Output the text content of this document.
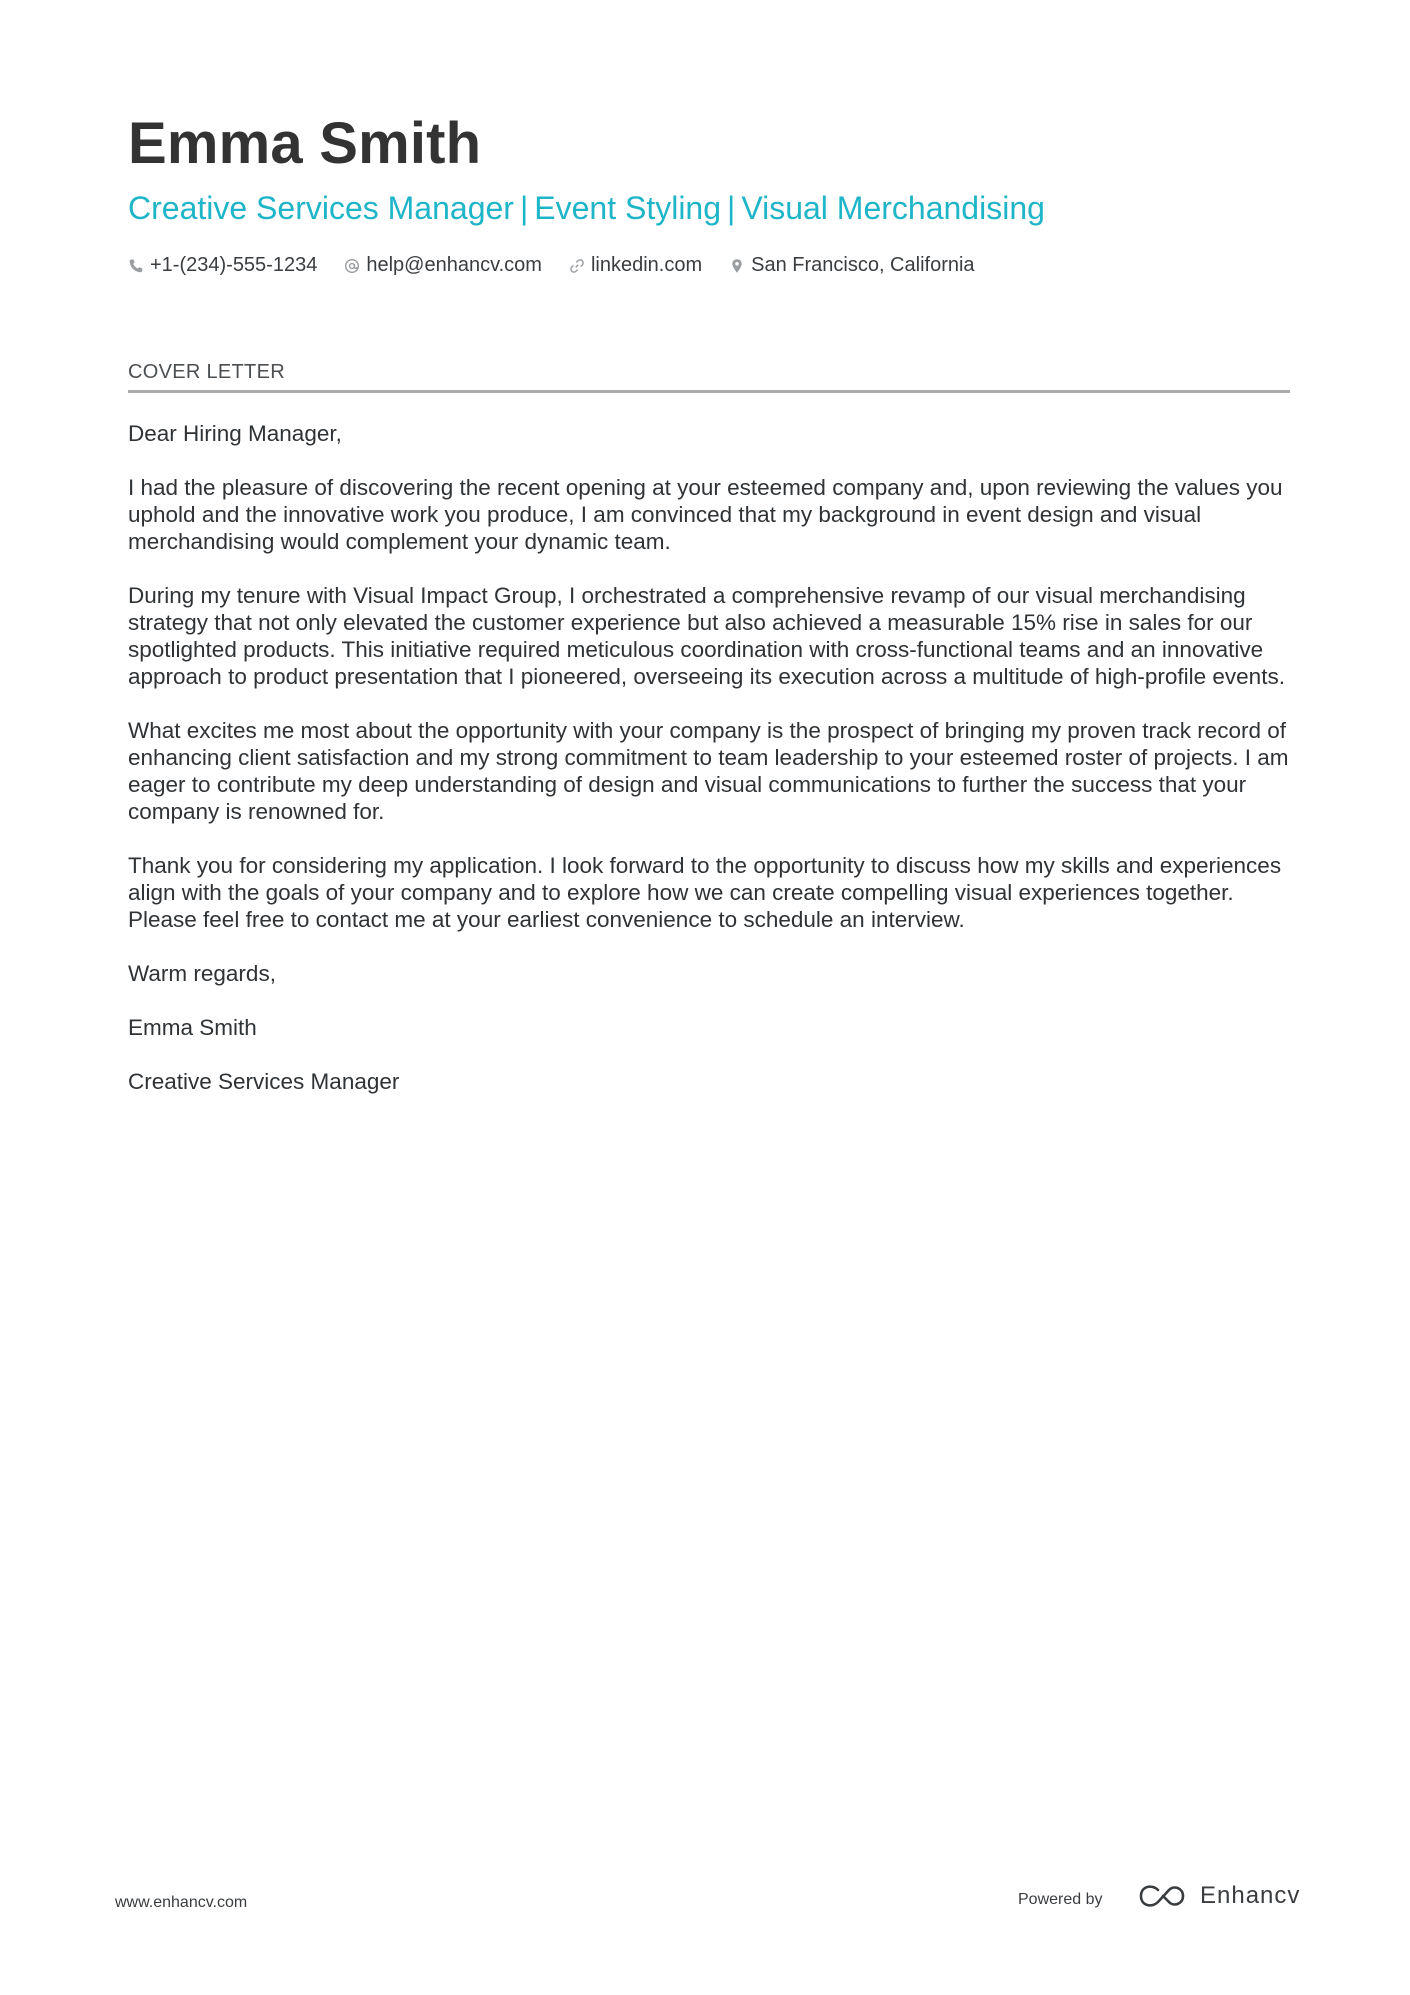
Emma Smith
Creative Services Manager | Event Styling | Visual Merchandising
+1-(234)-555-1234 help@enhancv.com linkedin.com San Francisco, California
COVER LETTER

Dear Hiring Manager,

I had the pleasure of discovering the recent opening at your esteemed company and, upon reviewing the values you uphold and the innovative work you produce, I am convinced that my background in event design and visual merchandising would complement your dynamic team.

During my tenure with Visual Impact Group, I orchestrated a comprehensive revamp of our visual merchandising strategy that not only elevated the customer experience but also achieved a measurable 15% rise in sales for our spotlighted products. This initiative required meticulous coordination with cross-functional teams and an innovative approach to product presentation that I pioneered, overseeing its execution across a multitude of high-profile events.

What excites me most about the opportunity with your company is the prospect of bringing my proven track record of enhancing client satisfaction and my strong commitment to team leadership to your esteemed roster of projects. I am eager to contribute my deep understanding of design and visual communications to further the success that your company is renowned for.

Thank you for considering my application. I look forward to the opportunity to discuss how my skills and experiences align with the goals of your company and to explore how we can create compelling visual experiences together. Please feel free to contact me at your earliest convenience to schedule an interview.

Warm regards,

Emma Smith

Creative Services Manager

www.enhancv.com	Powered by	Enhancv
